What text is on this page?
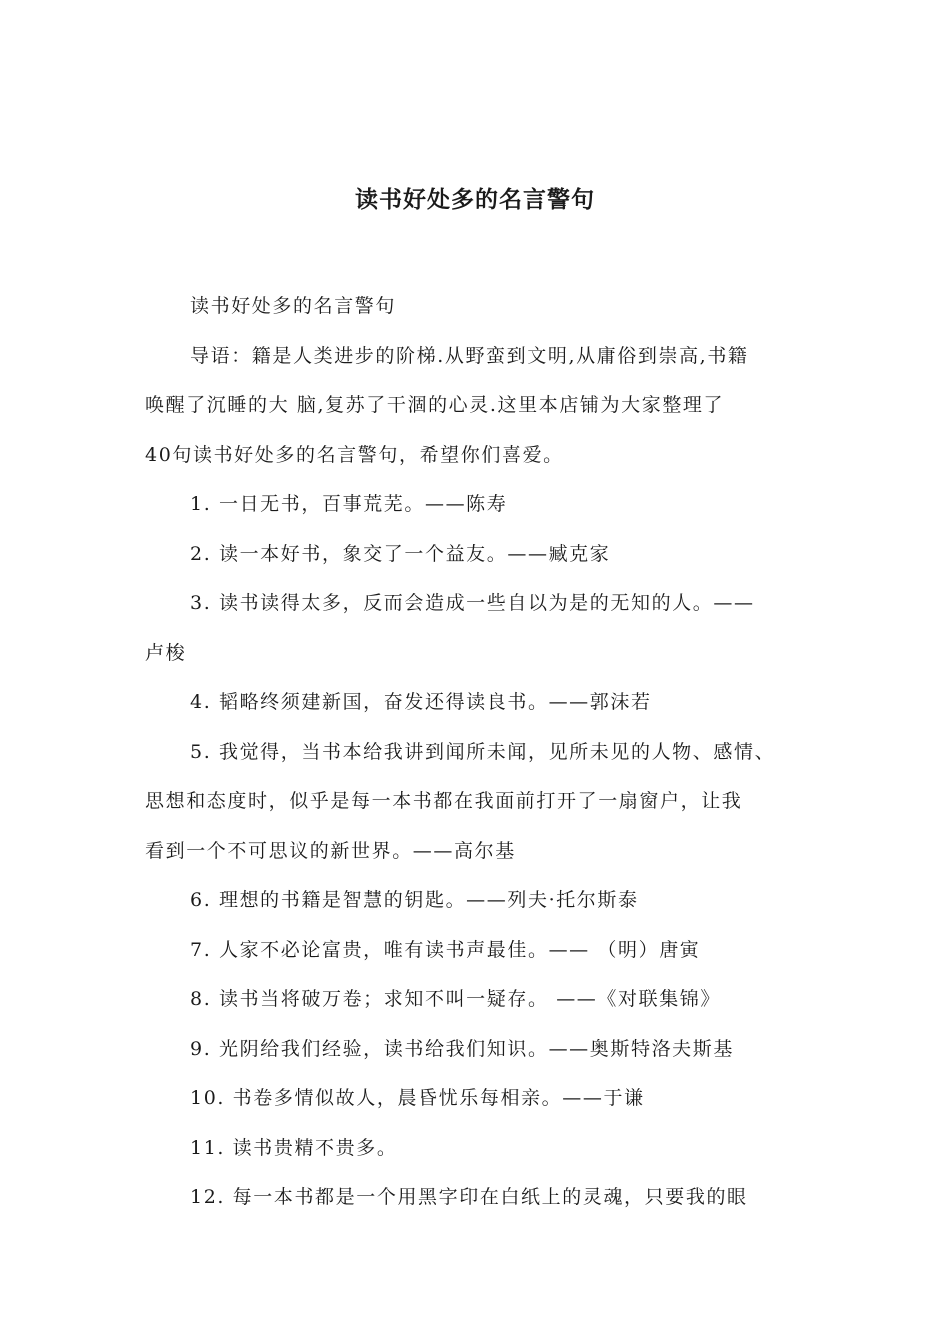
读书好处多的名言警句
读书好处多的名言警句
导语：籍是人类进步的阶梯.从野蛮到文明,从庸俗到崇高,书籍
唤醒了沉睡的大 脑,复苏了干涸的心灵.这里本店铺为大家整理了
40句读书好处多的名言警句，希望你们喜爱。
1. 一日无书，百事荒芜。——陈寿
2. 读一本好书，象交了一个益友。——臧克家
3. 读书读得太多，反而会造成一些自以为是的无知的人。——
卢梭
4. 韬略终须建新国，奋发还得读良书。——郭沫若
5. 我觉得，当书本给我讲到闻所未闻，见所未见的人物、感情、
思想和态度时，似乎是每一本书都在我面前打开了一扇窗户，让我
看到一个不可思议的新世界。——高尔基
6. 理想的书籍是智慧的钥匙。——列夫·托尔斯泰
7. 人家不必论富贵，唯有读书声最佳。—— （明）唐寅
8. 读书当将破万卷；求知不叫一疑存。 ——《对联集锦》
9. 光阴给我们经验，读书给我们知识。——奥斯特洛夫斯基
10. 书卷多情似故人，晨昏忧乐每相亲。——于谦
11. 读书贵精不贵多。
12. 每一本书都是一个用黑字印在白纸上的灵魂，只要我的眼
